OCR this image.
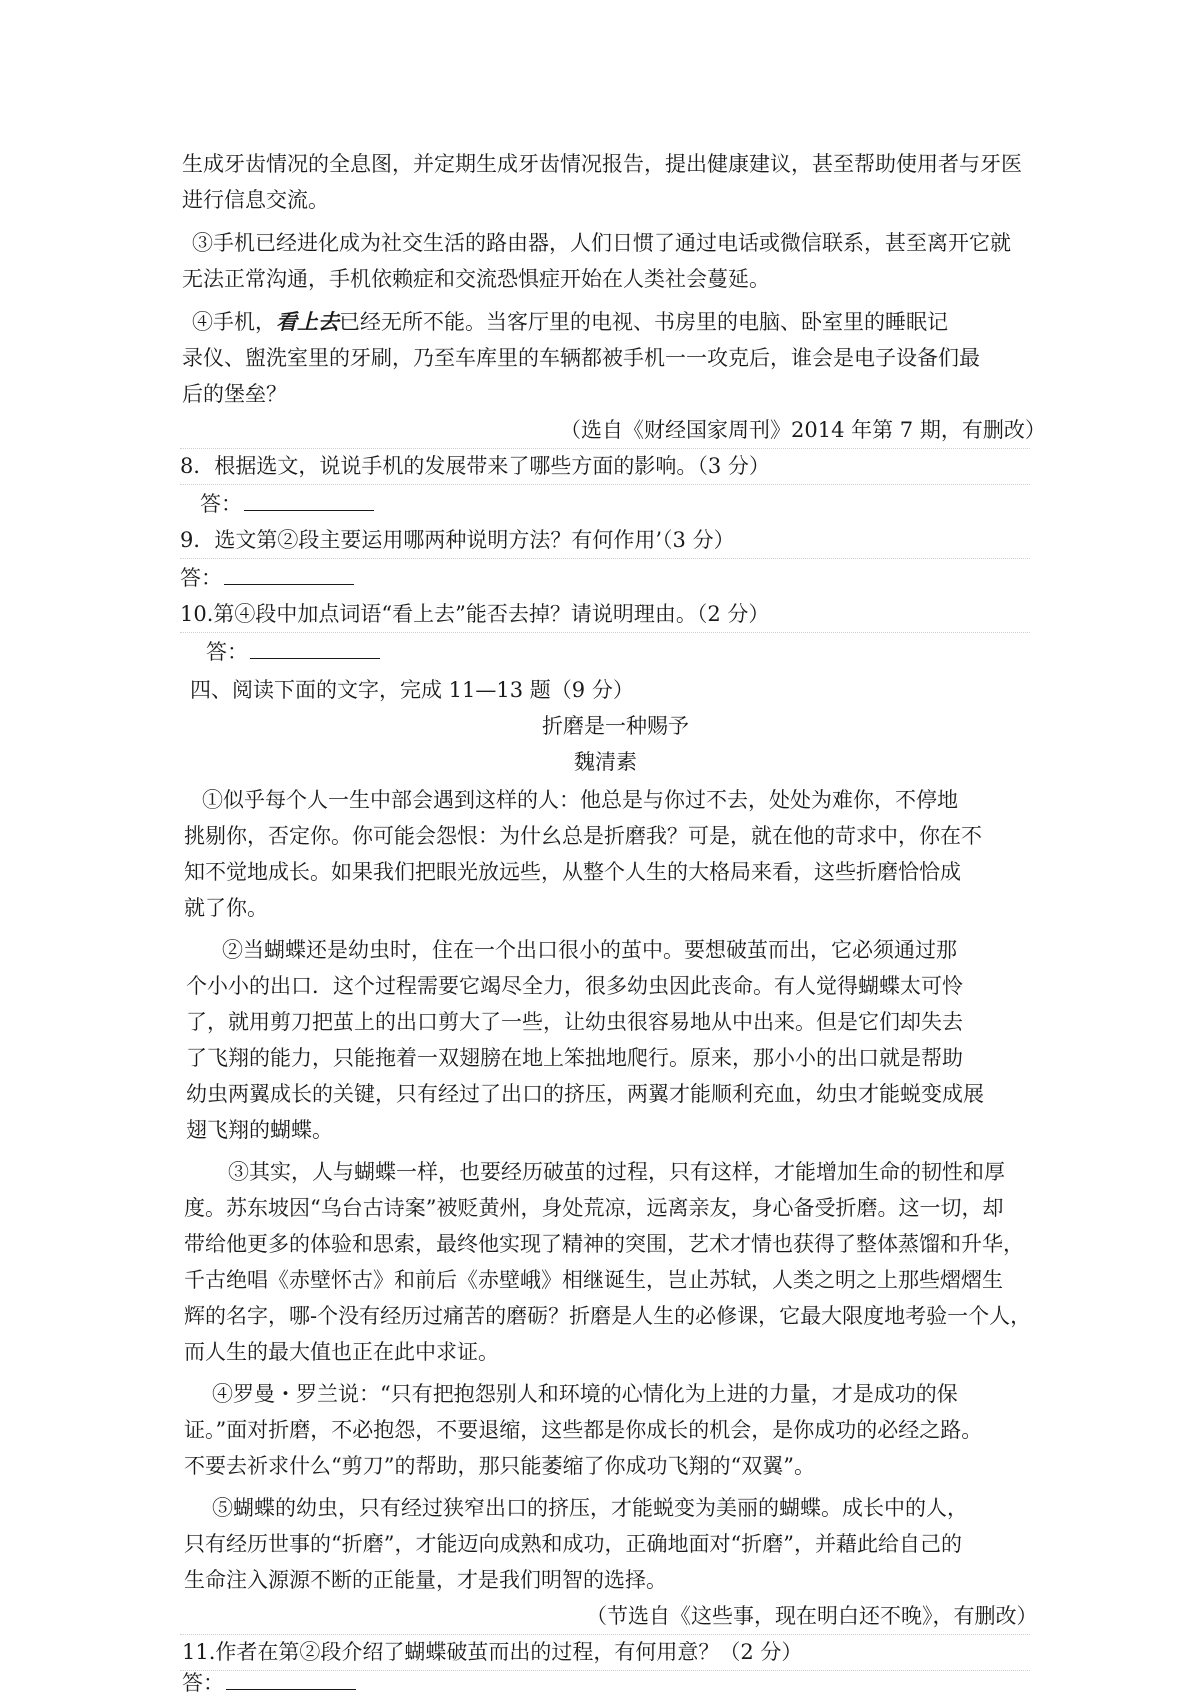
生成牙齿情况的全息图，并定期生成牙齿情况报告，提出健康建议，甚至帮助使用者与牙医
进行信息交流。
③手机已经进化成为社交生活的路由器，人们日惯了通过电话或微信联系，甚至离开它就
无法正常沟通，手机依赖症和交流恐惧症开始在人类社会蔓延。
④手机，看上去已经无所不能。当客厅里的电视、书房里的电脑、卧室里的睡眠记
录仪、盥洗室里的牙刷，乃至车库里的车辆都被手机一一攻克后，谁会是电子设备们最
后的堡垒？
（选自《财经国家周刊》2014 年第 7 期，有删改）
8．根据选文，说说手机的发展带来了哪些方面的影响。（3 分）
答：
9．选文第②段主要运用哪两种说明方法？有何作用’（3 分）
答：
10.第④段中加点词语“看上去”能否去掉？请说明理由。（2 分）
答：
四、阅读下面的文字，完成 11—13 题（9 分）
折磨是一种赐予
魏清素
①似乎每个人一生中部会遇到这样的人：他总是与你过不去，处处为难你，不停地
挑剔你，否定你。你可能会怨恨：为什幺总是折磨我？可是，就在他的苛求中，你在不
知不觉地成长。如果我们把眼光放远些，从整个人生的大格局来看，这些折磨恰恰成
就了你。
②当蝴蝶还是幼虫时，住在一个出口很小的茧中。要想破茧而出，它必须通过那
个小小的出口．这个过程需要它竭尽全力，很多幼虫因此丧命。有人觉得蝴蝶太可怜
了，就用剪刀把茧上的出口剪大了一些，让幼虫很容易地从中出来。但是它们却失去
了飞翔的能力，只能拖着一双翅膀在地上笨拙地爬行。原来，那小小的出口就是帮助
幼虫两翼成长的关键，只有经过了出口的挤压，两翼才能顺利充血，幼虫才能蜕变成展
翅飞翔的蝴蝶。
③其实，人与蝴蝶一样，也要经历破茧的过程，只有这样，才能增加生命的韧性和厚
度。苏东坡因“乌台古诗案”被贬黄州，身处荒凉，远离亲友，身心备受折磨。这一切，却
带给他更多的体验和思索，最终他实现了精神的突围，艺术才情也获得了整体蒸馏和升华，
千古绝唱《赤壁怀古》和前后《赤壁峨》相继诞生，岂止苏轼，人类之明之上那些熠熠生
辉的名字，哪-个没有经历过痛苦的磨砺？折磨是人生的必修课，它最大限度地考验一个人，
而人生的最大值也正在此中求证。
④罗曼・罗兰说：“只有把抱怨别人和环境的心情化为上进的力量，才是成功的保
证。”面对折磨，不必抱怨，不要退缩，这些都是你成长的机会，是你成功的必经之路。
不要去祈求什么“剪刀”的帮助，那只能萎缩了你成功飞翔的“双翼”。
⑤蝴蝶的幼虫，只有经过狭窄出口的挤压，才能蜕变为美丽的蝴蝶。成长中的人，
只有经历世事的“折磨”，才能迈向成熟和成功，正确地面对“折磨”，并藉此给自己的
生命注入源源不断的正能量，才是我们明智的选择。
（节选自《这些事，现在明白还不晚》，有删改）
11.作者在第②段介绍了蝴蝶破茧而出的过程，有何用意？（2 分）
答：
